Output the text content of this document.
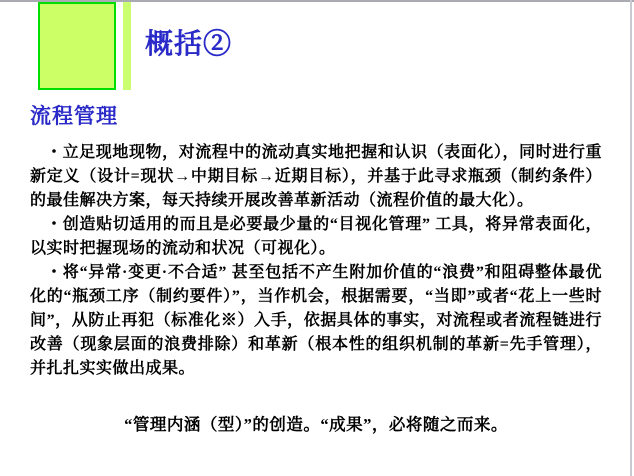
概括②
流程管理

・立足现地现物，对流程中的流动真实地把握和认识（表面化），同时进行重新定义（设计=现状→中期目标→近期目标），并基于此寻求瓶颈（制约条件）的最佳解决方案，每天持续开展改善革新活动（流程价值的最大化）。

・创造贴切适用的而且是必要最少量的“目视化管理” 工具，将异常表面化，以实时把握现场的流动和状况（可视化）。

・将“异常·变更·不合适” 甚至包括不产生附加价值的“浪费”和阻碍整体最优化的“瓶颈工序（制约要件）”，当作机会，根据需要，“当即”或者“花上一些时间”，从防止再犯（标准化※）入手，依据具体的事实，对流程或者流程链进行改善（现象层面的浪费排除）和革新（根本性的组织机制的革新=先手管理），并扎扎实实做出成果。

“管理内涵（型）”的创造。“成果”，必将随之而来。
